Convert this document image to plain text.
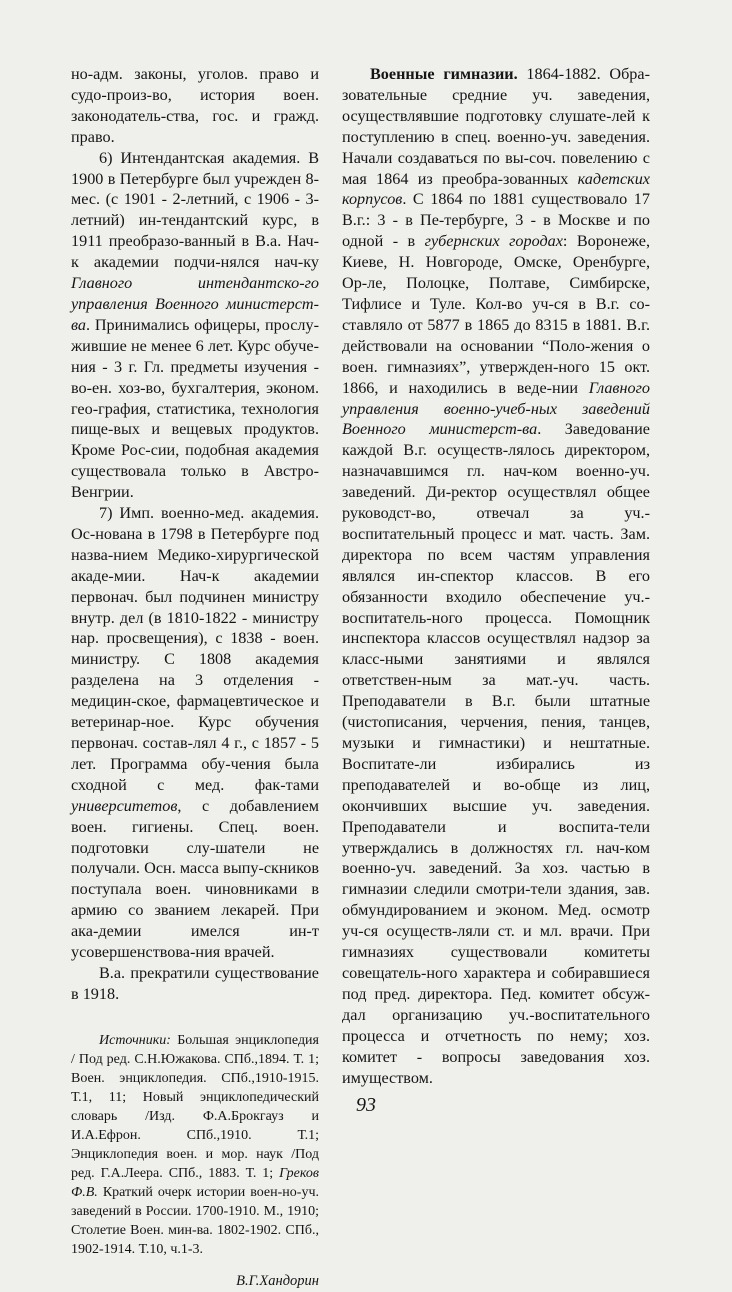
но-адм. законы, уголов. право и судо-произ-во, история воен. законодатель-ства, гос. и гражд. право.

6) Интендантская академия. В 1900 в Петербурге был учрежден 8-мес. (с 1901 - 2-летний, с 1906 - 3-летний) ин-тендантский курс, в 1911 преобразо-ванный в В.а. Нач-к академии подчи-нялся нач-ку Главного интендантско-го управления Военного министерст-ва. Принимались офицеры, прослу-жившие не менее 6 лет. Курс обуче-ния - 3 г. Гл. предметы изучения - во-ен. хоз-во, бухгалтерия, эконом. гео-графия, статистика, технология пище-вых и вещевых продуктов. Кроме Рос-сии, подобная академия существовала только в Австро-Венгрии.

7) Имп. военно-мед. академия. Ос-нована в 1798 в Петербурге под назва-нием Медико-хирургической акаде-мии. Нач-к академии первонач. был подчинен министру внутр. дел (в 1810-1822 - министру нар. просвещения), с 1838 - воен. министру. С 1808 академия разделена на 3 отделения - медицин-ское, фармацевтическое и ветеринар-ное. Курс обучения первонач. состав-лял 4 г., с 1857 - 5 лет. Программа обу-чения была сходной с мед. фак-тами университетов, с добавлением воен. гигиены. Спец. воен. подготовки слу-шатели не получали. Осн. масса выпу-скников поступала воен. чиновниками в армию со званием лекарей. При ака-демии имелся ин-т усовершенствова-ния врачей.

В.а. прекратили существование в 1918.

Источники: Большая энциклопедия / Под ред. С.Н.Южакова. СПб.,1894. Т. 1; Воен. энциклопедия. СПб.,1910-1915. Т.1, 11; Новый энциклопедический словарь /Изд. Ф.А.Брокгауз и И.А.Ефрон. СПб.,1910. Т.1; Энциклопедия воен. и мор. наук /Под ред. Г.А.Леера. СПб., 1883. Т. 1; Греков Ф.В. Краткий очерк истории воен-но-уч. заведений в России. 1700-1910. М., 1910; Столетие Воен. мин-ва. 1802-1902. СПб., 1902-1914. Т.10, ч.1-3.

В.Г.Хандорин

Военные гимназии. 1864-1882. Обра-зовательные средние уч. заведения, осуществлявшие подготовку слушате-лей к поступлению в спец. военно-уч. заведения. Начали создаваться по вы-соч. повелению с мая 1864 из преобра-зованных кадетских корпусов. С 1864 по 1881 существовало 17 В.г.: 3 - в Пе-тербурге, 3 - в Москве и по одной - в губернских городах: Воронеже, Киеве, Н. Новгороде, Омске, Оренбурге, Ор-ле, Полоцке, Полтаве, Симбирске, Тифлисе и Туле. Кол-во уч-ся в В.г. со-ставляло от 5877 в 1865 до 8315 в 1881. В.г. действовали на основании “Поло-жения о воен. гимназиях”, утвержден-ного 15 окт. 1866, и находились в веде-нии Главного управления военно-учеб-ных заведений Военного министерст-ва. Заведование каждой В.г. осуществ-лялось директором, назначавшимся гл. нач-ком военно-уч. заведений. Ди-ректор осуществлял общее руководст-во, отвечал за уч.-воспитательный процесс и мат. часть. Зам. директора по всем частям управления являлся ин-спектор классов. В его обязанности входило обеспечение уч.-воспитатель-ного процесса. Помощник инспектора классов осуществлял надзор за класс-ными занятиями и являлся ответствен-ным за мат.-уч. часть. Преподаватели в В.г. были штатные (чистописания, черчения, пения, танцев, музыки и гимнастики) и нештатные. Воспитате-ли избирались из преподавателей и во-обще из лиц, окончивших высшие уч. заведения. Преподаватели и воспита-тели утверждались в должностях гл. нач-ком военно-уч. заведений. За хоз. частью в гимназии следили смотри-тели здания, зав. обмундированием и эконом. Мед. осмотр уч-ся осуществ-ляли ст. и мл. врачи. При гимназиях существовали комитеты совещатель-ного характера и собиравшиеся под пред. директора. Пед. комитет обсуж-дал организацию уч.-воспитательного процесса и отчетность по нему; хоз. комитет - вопросы заведования хоз. имуществом.

93
